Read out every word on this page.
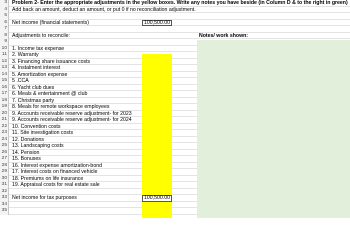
3 Problem 2- Enter the appropriate adjustments in the yellow boxes. Write any notes you have beside (in Column D & to the right in green)
4 Add back an amount, deduct an amount, or put 0 if no reconciliation adjustment.
5
6 Net income (financial statements)
7
8 Adjustments to reconcile:
9
10 1. Income tax expense
11 2. Warranty
12 3. Financing share issuance costs
13 4. Instalment interest
14 5. Amortization expense
15 5 .CCA
16 6. Yacht club dues
17 6. Meals & entertainment @ club
18 7. Christmas party
19 8. Meals for remote workspace employees
20 9. Accounts receivable reserve adjustment- for 2023
21 9. Accounts receivable reserve adjustment- for 2024
22 10. Convention costs
23 11. Site investigation costs
24 12. Donations
25 13. Landscaping costs
26 14. Pension
27 15. Bonuses
28 16. Interest expense amortization-bond
29 17. Interest costs on financed vehicle
30 18. Premiums on life insurance
31 19. Appraisal costs for real estate sale
32
33 Net income for tax purposes
34
35
Notes/ work shown:
100,500.00
100,500.00
